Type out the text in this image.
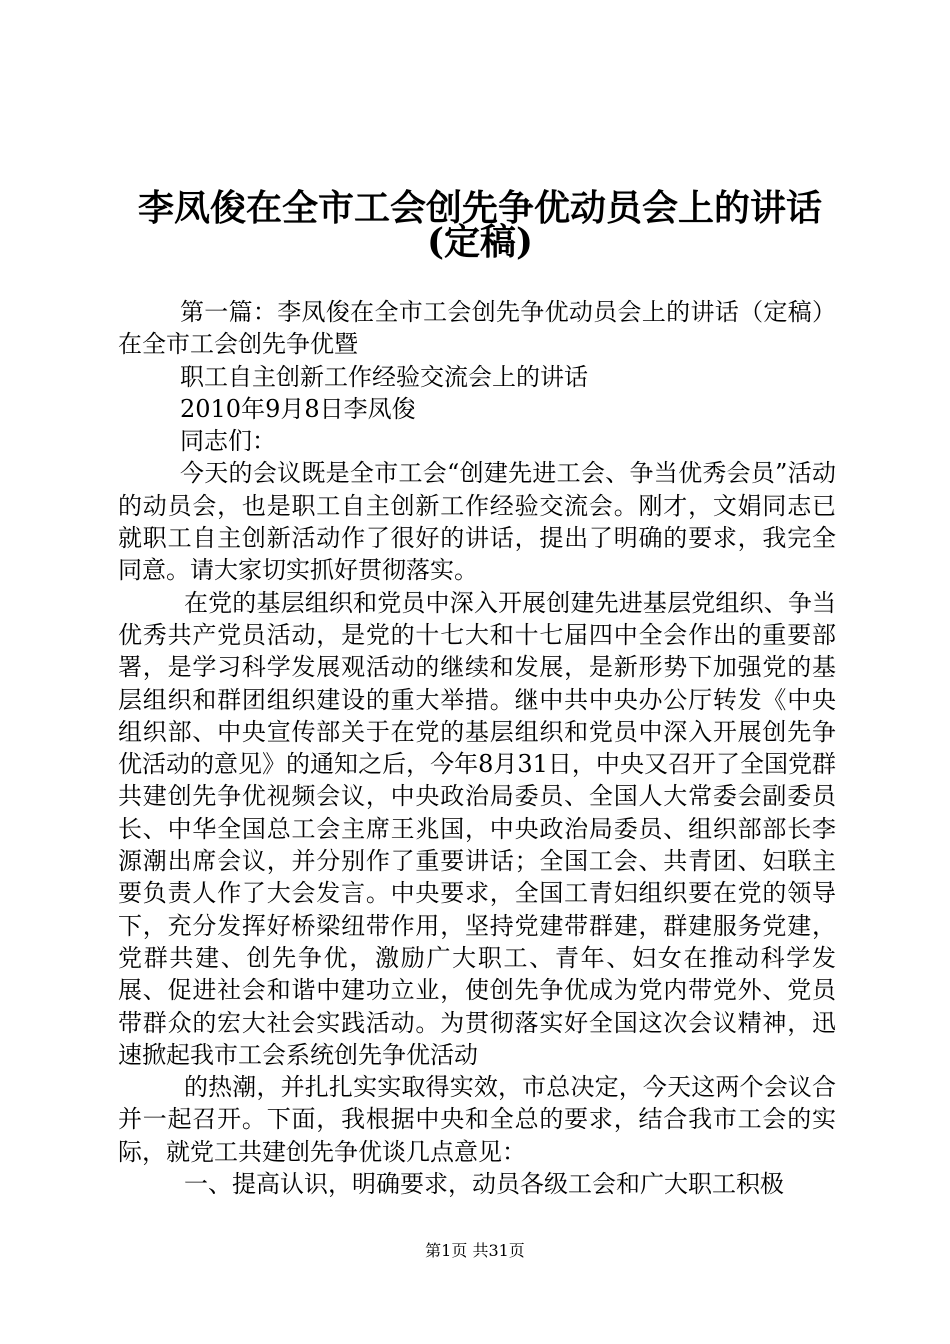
李凤俊在全市工会创先争优动员会上的讲话
(定稿)

第一篇：李凤俊在全市工会创先争优动员会上的讲话（定稿）在全市工会创先争优暨

职工自主创新工作经验交流会上的讲话

2010年9月8日李凤俊

同志们：

今天的会议既是全市工会“创建先进工会、争当优秀会员”活动的动员会，也是职工自主创新工作经验交流会。刚才，文娟同志已就职工自主创新活动作了很好的讲话，提出了明确的要求，我完全同意。请大家切实抓好贯彻落实。

在党的基层组织和党员中深入开展创建先进基层党组织、争当优秀共产党员活动，是党的十七大和十七届四中全会作出的重要部署，是学习科学发展观活动的继续和发展，是新形势下加强党的基层组织和群团组织建设的重大举措。继中共中央办公厅转发《中央组织部、中央宣传部关于在党的基层组织和党员中深入开展创先争优活动的意见》的通知之后，今年8月31日，中央又召开了全国党群共建创先争优视频会议，中央政治局委员、全国人大常委会副委员长、中华全国总工会主席王兆国，中央政治局委员、组织部部长李源潮出席会议，并分别作了重要讲话；全国工会、共青团、妇联主要负责人作了大会发言。中央要求，全国工青妇组织要在党的领导下，充分发挥好桥梁纽带作用，坚持党建带群建，群建服务党建，党群共建、创先争优，激励广大职工、青年、妇女在推动科学发展、促进社会和谐中建功立业，使创先争优成为党内带党外、党员带群众的宏大社会实践活动。为贯彻落实好全国这次会议精神，迅速掀起我市工会系统创先争优活动

的热潮，并扎扎实实取得实效，市总决定，今天这两个会议合并一起召开。下面，我根据中央和全总的要求，结合我市工会的实际，就党工共建创先争优谈几点意见：

一、提高认识，明确要求，动员各级工会和广大职工积极

第1页 共31页
